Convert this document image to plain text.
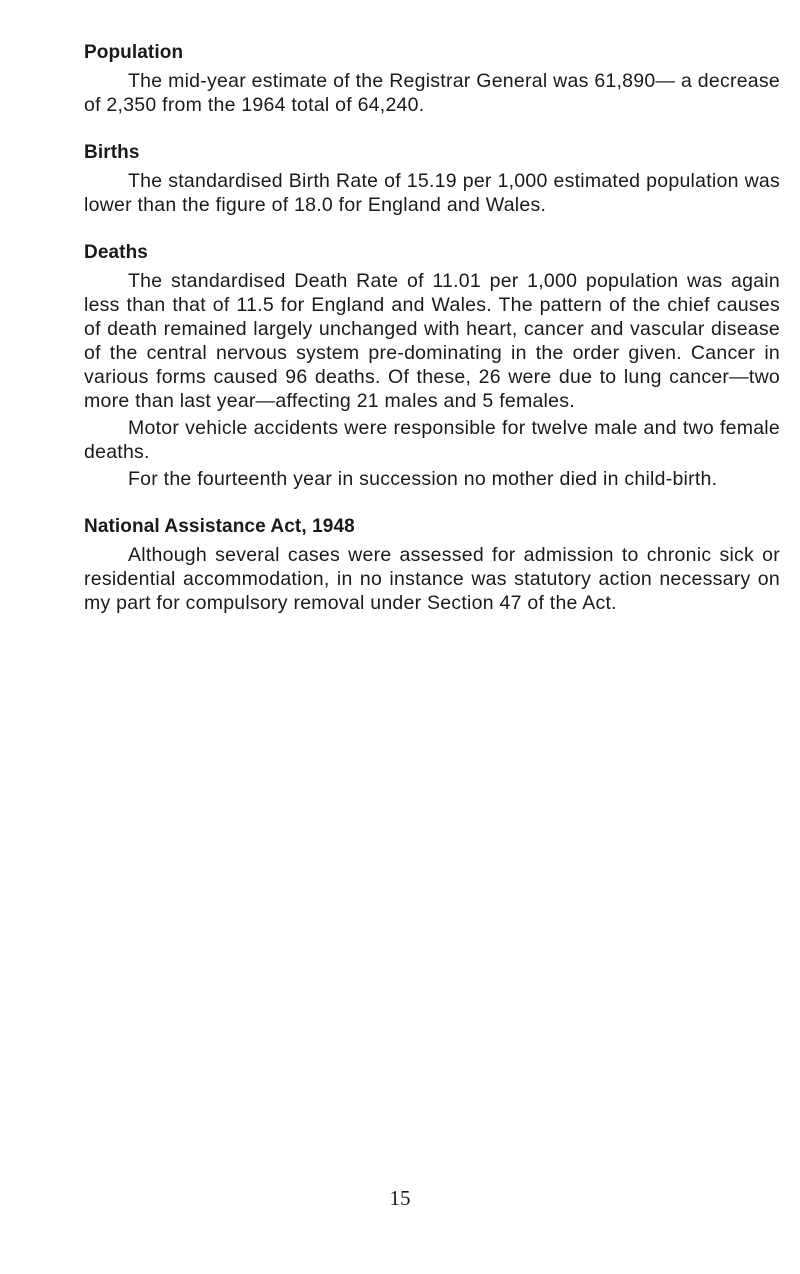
Population

The mid-year estimate of the Registrar General was 61,890— a decrease of 2,350 from the 1964 total of 64,240.

Births

The standardised Birth Rate of 15.19 per 1,000 estimated population was lower than the figure of 18.0 for England and Wales.

Deaths

The standardised Death Rate of 11.01 per 1,000 population was again less than that of 11.5 for England and Wales. The pattern of the chief causes of death remained largely unchanged with heart, cancer and vascular disease of the central nervous system pre-dominating in the order given. Cancer in various forms caused 96 deaths. Of these, 26 were due to lung cancer—two more than last year—affecting 21 males and 5 females.

Motor vehicle accidents were responsible for twelve male and two female deaths.

For the fourteenth year in succession no mother died in child-birth.

National Assistance Act, 1948

Although several cases were assessed for admission to chronic sick or residential accommodation, in no instance was statutory action necessary on my part for compulsory removal under Section 47 of the Act.

15
